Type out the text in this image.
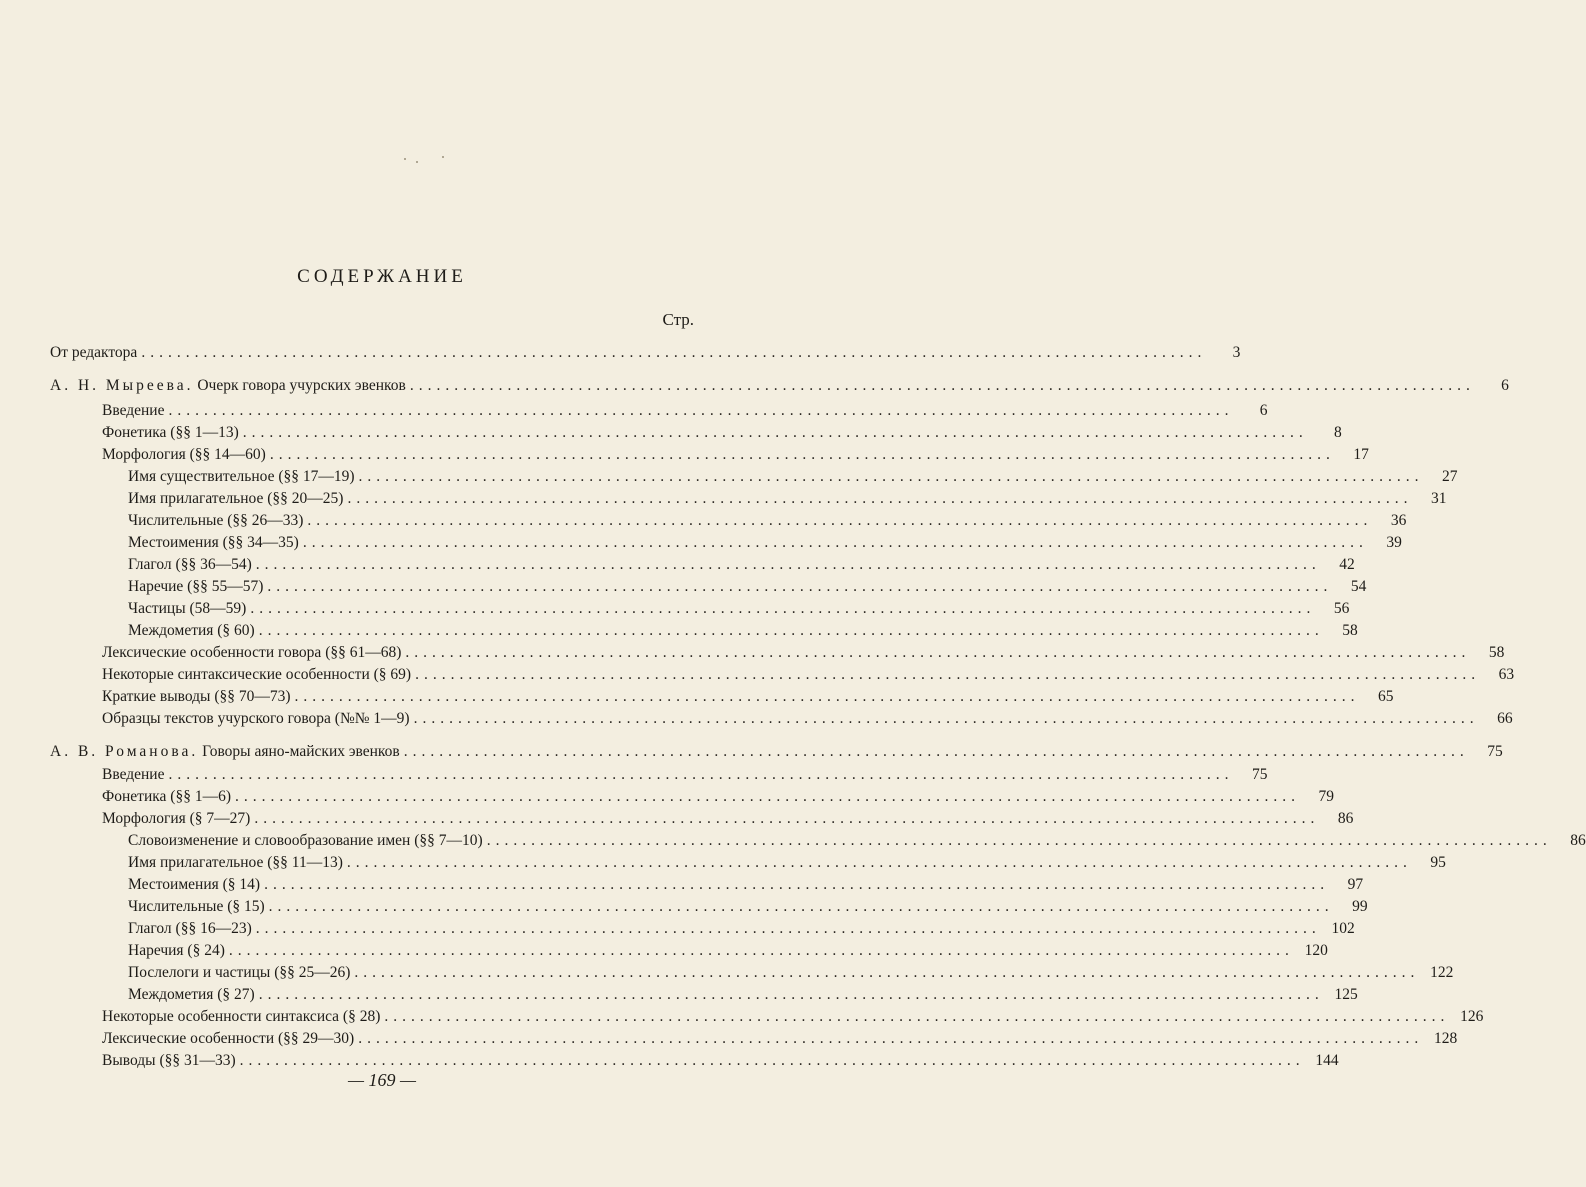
СОДЕРЖАНИЕ
Стр.
От редактора ........................................................................................................................	3
А. Н. Мыреева. Очерк говора учурских эвенков ........................................................................................................................	6
Введение ........................................................................................................................	6
Фонетика (§§ 1—13) ........................................................................................................................	8
Морфология (§§ 14—60) ........................................................................................................................	17
Имя существительное (§§ 17—19) ........................................................................................................................	27
Имя прилагательное (§§ 20—25) ........................................................................................................................	31
Числительные (§§ 26—33) ........................................................................................................................	36
Местоимения (§§ 34—35) ........................................................................................................................	39
Глагол (§§ 36—54) ........................................................................................................................	42
Наречие (§§ 55—57) ........................................................................................................................	54
Частицы (58—59) ........................................................................................................................	56
Междометия (§ 60) ........................................................................................................................	58
Лексические особенности говора (§§ 61—68) ........................................................................................................................	58
Некоторые синтаксические особенности (§ 69) ........................................................................................................................	63
Краткие выводы (§§ 70—73) ........................................................................................................................	65
Образцы текстов учурского говора (№№ 1—9) ........................................................................................................................	66
А. В. Романова. Говоры аяно-майских эвенков ........................................................................................................................	75
Введение ........................................................................................................................	75
Фонетика (§§ 1—6) ........................................................................................................................	79
Морфология (§ 7—27) ........................................................................................................................	86
Словоизменение и словообразование имен (§§ 7—10) ........................................................................................................................	86
Имя прилагательное (§§ 11—13) ........................................................................................................................	95
Местоимения (§ 14) ........................................................................................................................	97
Числительные (§ 15) ........................................................................................................................	99
Глагол (§§ 16—23) ........................................................................................................................ 102
Наречия (§ 24) ........................................................................................................................ 120
Послелоги и частицы (§§ 25—26) ........................................................................................................................ 122
Междометия (§ 27) ........................................................................................................................ 125
Некоторые особенности синтаксиса (§ 28) ........................................................................................................................ 126
Лексические особенности (§§ 29—30) ........................................................................................................................ 128
Выводы (§§ 31—33) ........................................................................................................................ 144
— 169 —
